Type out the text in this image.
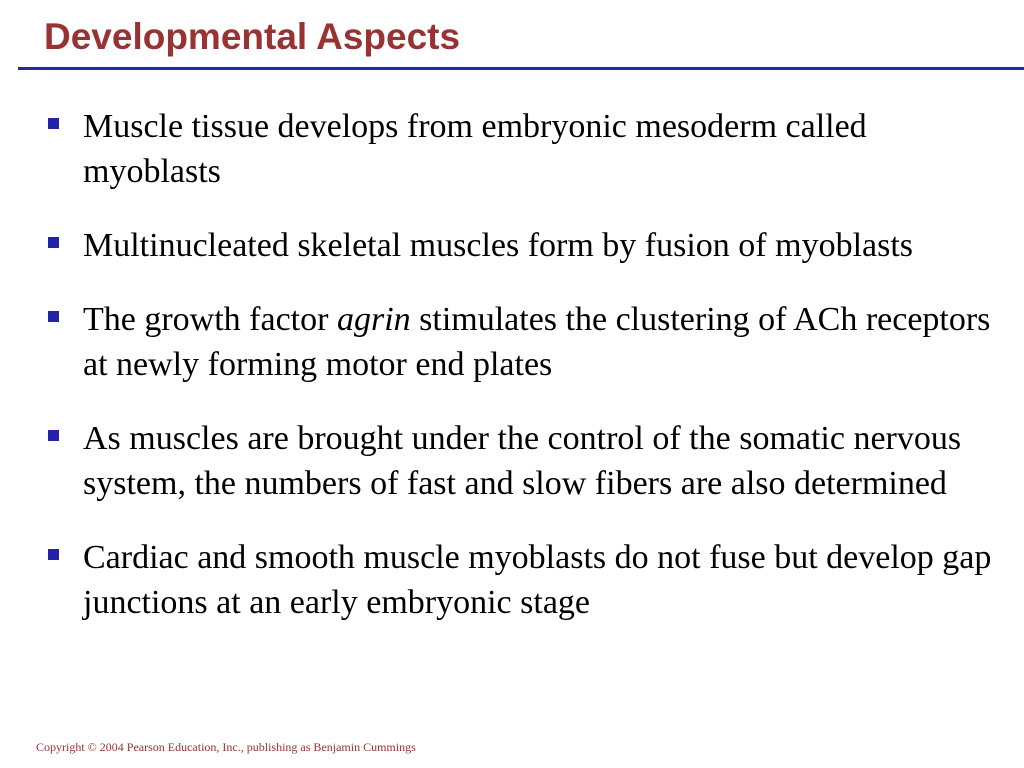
Developmental Aspects
Muscle tissue develops from embryonic mesoderm called myoblasts
Multinucleated skeletal muscles form by fusion of myoblasts
The growth factor agrin stimulates the clustering of ACh receptors at newly forming motor end plates
As muscles are brought under the control of the somatic nervous system, the numbers of fast and slow fibers are also determined
Cardiac and smooth muscle myoblasts do not fuse but develop gap junctions at an early embryonic stage
Copyright © 2004 Pearson Education, Inc., publishing as Benjamin Cummings
